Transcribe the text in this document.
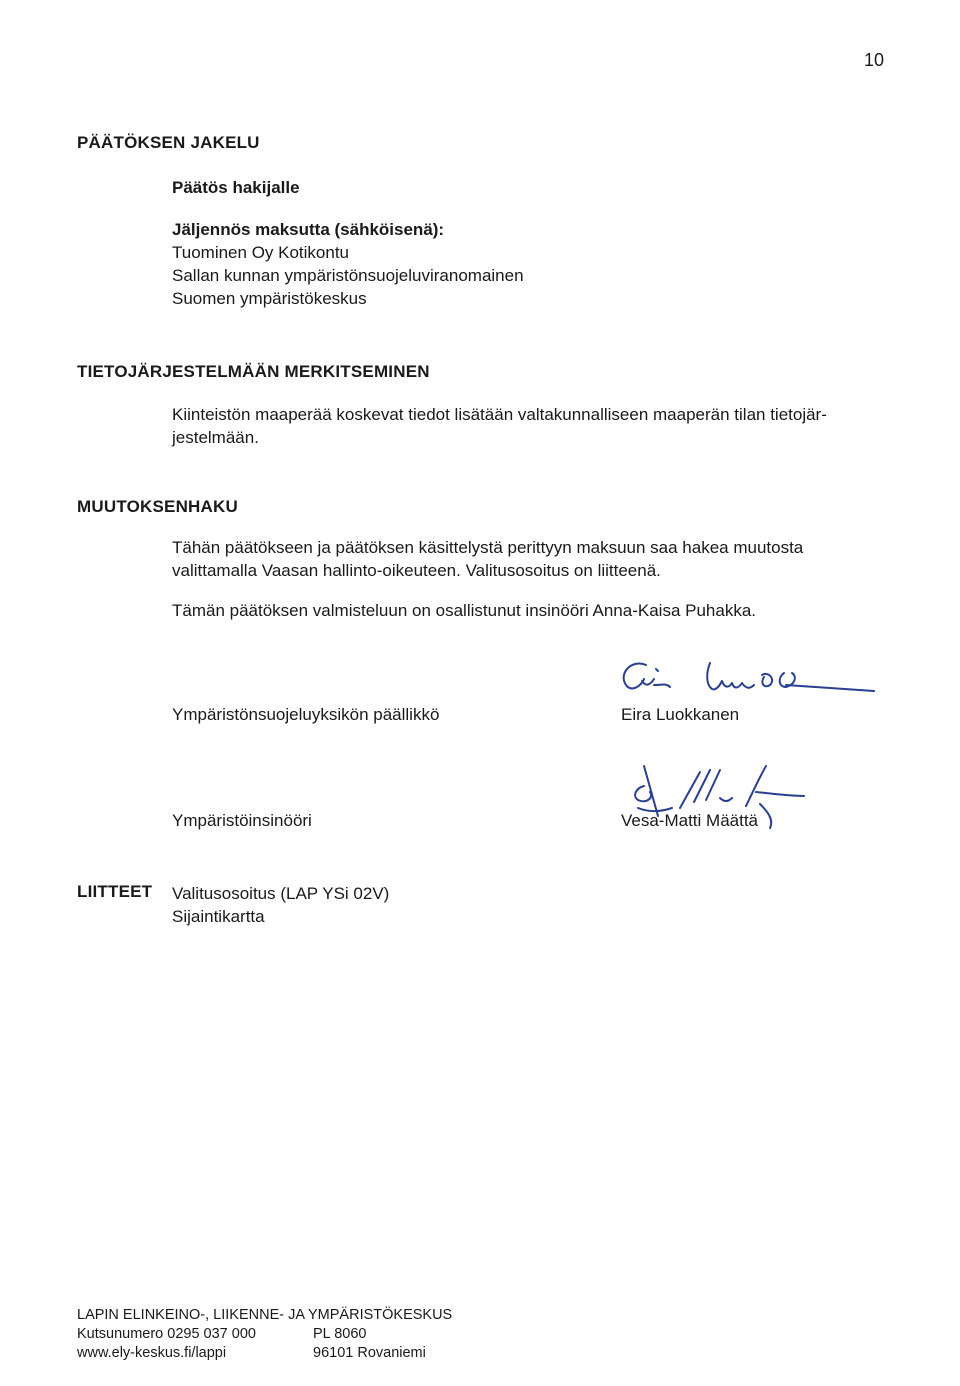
10
PÄÄTÖKSEN JAKELU
Päätös hakijalle
Jäljennös maksutta (sähköisenä):
Tuominen Oy Kotikontu
Sallan kunnan ympäristönsuojeluviranomainen
Suomen ympäristökeskus
TIETOJÄRJESTELMÄÄN MERKITSEMINEN
Kiinteistön maaperää koskevat tiedot lisätään valtakunnalliseen maaperän tilan tietojär-
jestelmään.
MUUTOKSENHAKU
Tähän päätökseen ja päätöksen käsittelystä perittyyn maksuun saa hakea muutosta
valittamalla Vaasan hallinto-oikeuteen. Valitusosoitus on liitteenä.
Tämän päätöksen valmisteluun on osallistunut insinööri Anna-Kaisa Puhakka.
Ympäristönsuojeluyksikön päällikkö	Eira Luokkanen
Ympäristöinsinööri	Vesa-Matti Määttä
LIITTEET Valitusosoitus (LAP YSi 02V)
Sijaintikartta
LAPIN ELINKEINO-, LIIKENNE- JA YMPÄRISTÖKESKUS
Kutsunumero 0295 037 000	PL 8060
www.ely-keskus.fi/lappi	96101 Rovaniemi
